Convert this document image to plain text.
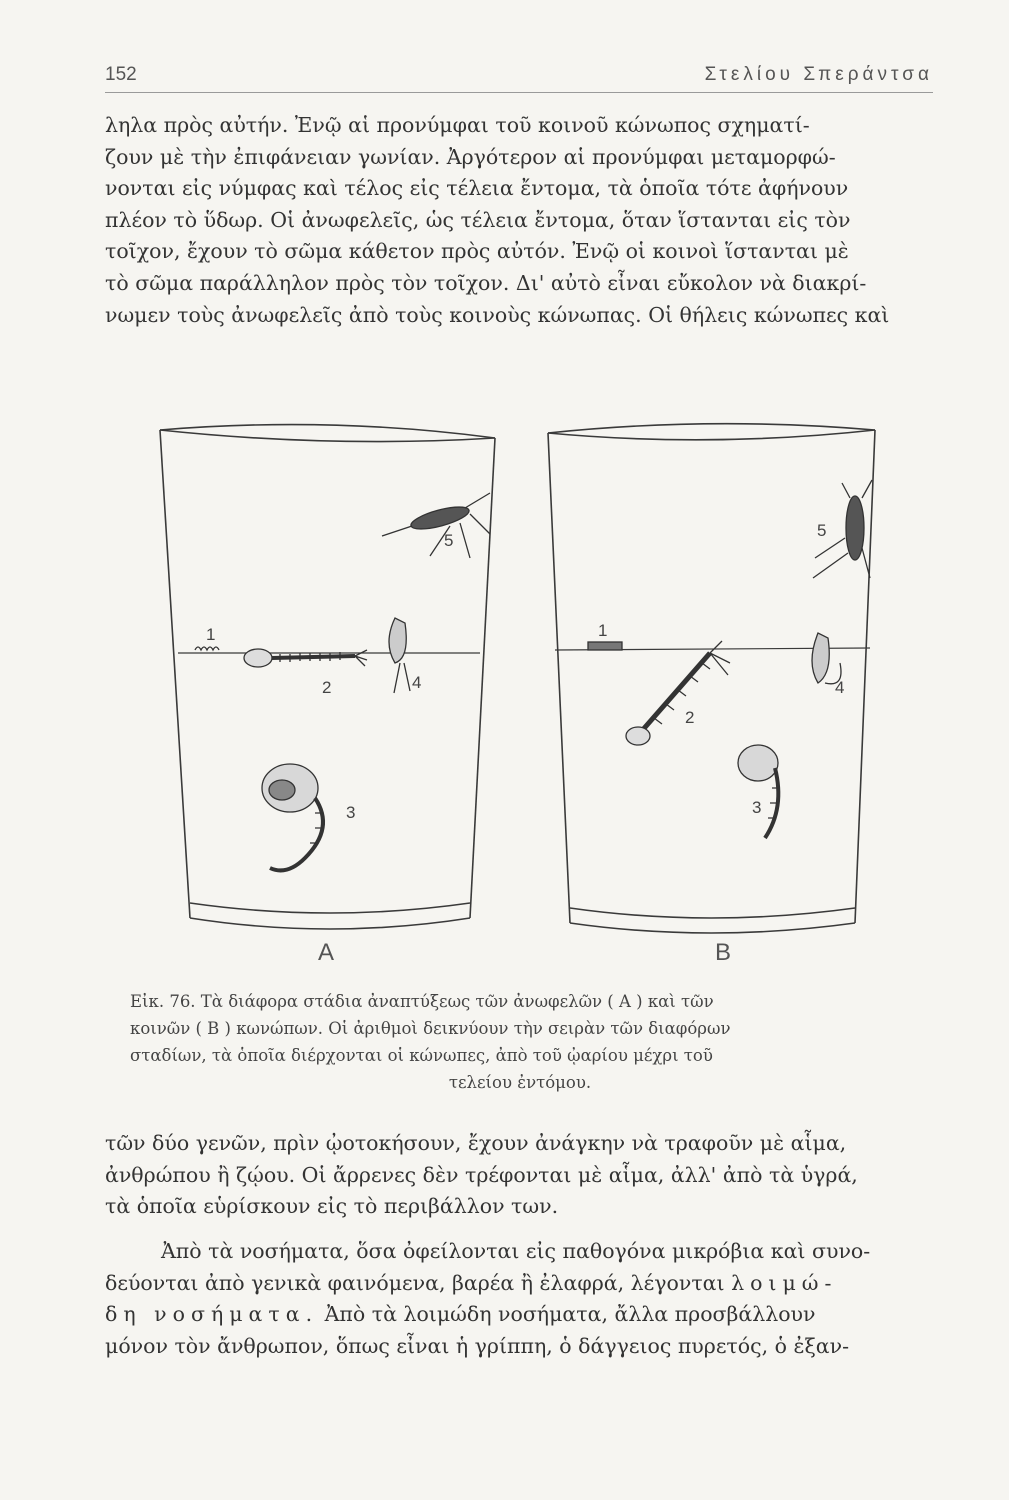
152	Στελίου Σπεράντσα

ληλα πρὸς αὐτήν. Ἐνῷ αἱ προνύμφαι τοῦ κοινοῦ κώνωπος σχηματί-

ζουν μὲ τὴν ἐπιφάνειαν γωνίαν. Ἀργότερον αἱ προνύμφαι μεταμορφώ-

νονται εἰς νύμφας καὶ τέλος εἰς τέλεια ἔντομα, τὰ ὁποῖα τότε ἀφήνουν

πλέον τὸ ὕδωρ. Οἱ ἀνωφελεῖς, ὡς τέλεια ἔντομα, ὅταν ἵστανται εἰς τὸν

τοῖχον, ἔχουν τὸ σῶμα κάθετον πρὸς αὐτόν. Ἐνῷ οἱ κοινοὶ ἵστανται μὲ

τὸ σῶμα παράλληλον πρὸς τὸν τοῖχον. Δι' αὐτὸ εἶναι εὔκολον νὰ διακρί-

νωμεν τοὺς ἀνωφελεῖς ἀπὸ τοὺς κοινοὺς κώνωπας. Οἱ θήλεις κώνωπες καὶ

1
2
3
4
5
1
2
3
4
5
A	B
Εἰκ. 76. Τὰ διάφορα στάδια ἀναπτύξεως τῶν ἀνωφελῶν ( Α ) καὶ τῶν
κοινῶν ( Β ) κωνώπων. Οἱ ἀριθμοὶ δεικνύουν τὴν σειρὰν τῶν διαφόρων
σταδίων, τὰ ὁποῖα διέρχονται οἱ κώνωπες, ἀπὸ τοῦ ᾠαρίου μέχρι τοῦ
τελείου ἐντόμου.

τῶν δύο γενῶν, πρὶν ᾠοτοκήσουν, ἔχουν ἀνάγκην νὰ τραφοῦν μὲ αἷμα,

ἀνθρώπου ἢ ζῴου. Οἱ ἄρρενες δὲν τρέφονται μὲ αἷμα, ἀλλ' ἀπὸ τὰ ὑγρά,

τὰ ὁποῖα εὑρίσκουν εἰς τὸ περιβάλλον των.

Ἀπὸ τὰ νοσήματα, ὅσα ὀφείλονται εἰς παθογόνα μικρόβια καὶ συνο-

δεύονται ἀπὸ γενικὰ φαινόμενα, βαρέα ἢ ἐλαφρά, λέγονται λοιμώ-

δη νοσήματα. Ἀπὸ τὰ λοιμώδη νοσήματα, ἄλλα προσβάλλουν

μόνον τὸν ἄνθρωπον, ὅπως εἶναι ἡ γρίππη, ὁ δάγγειος πυρετός, ὁ ἐξαν-
